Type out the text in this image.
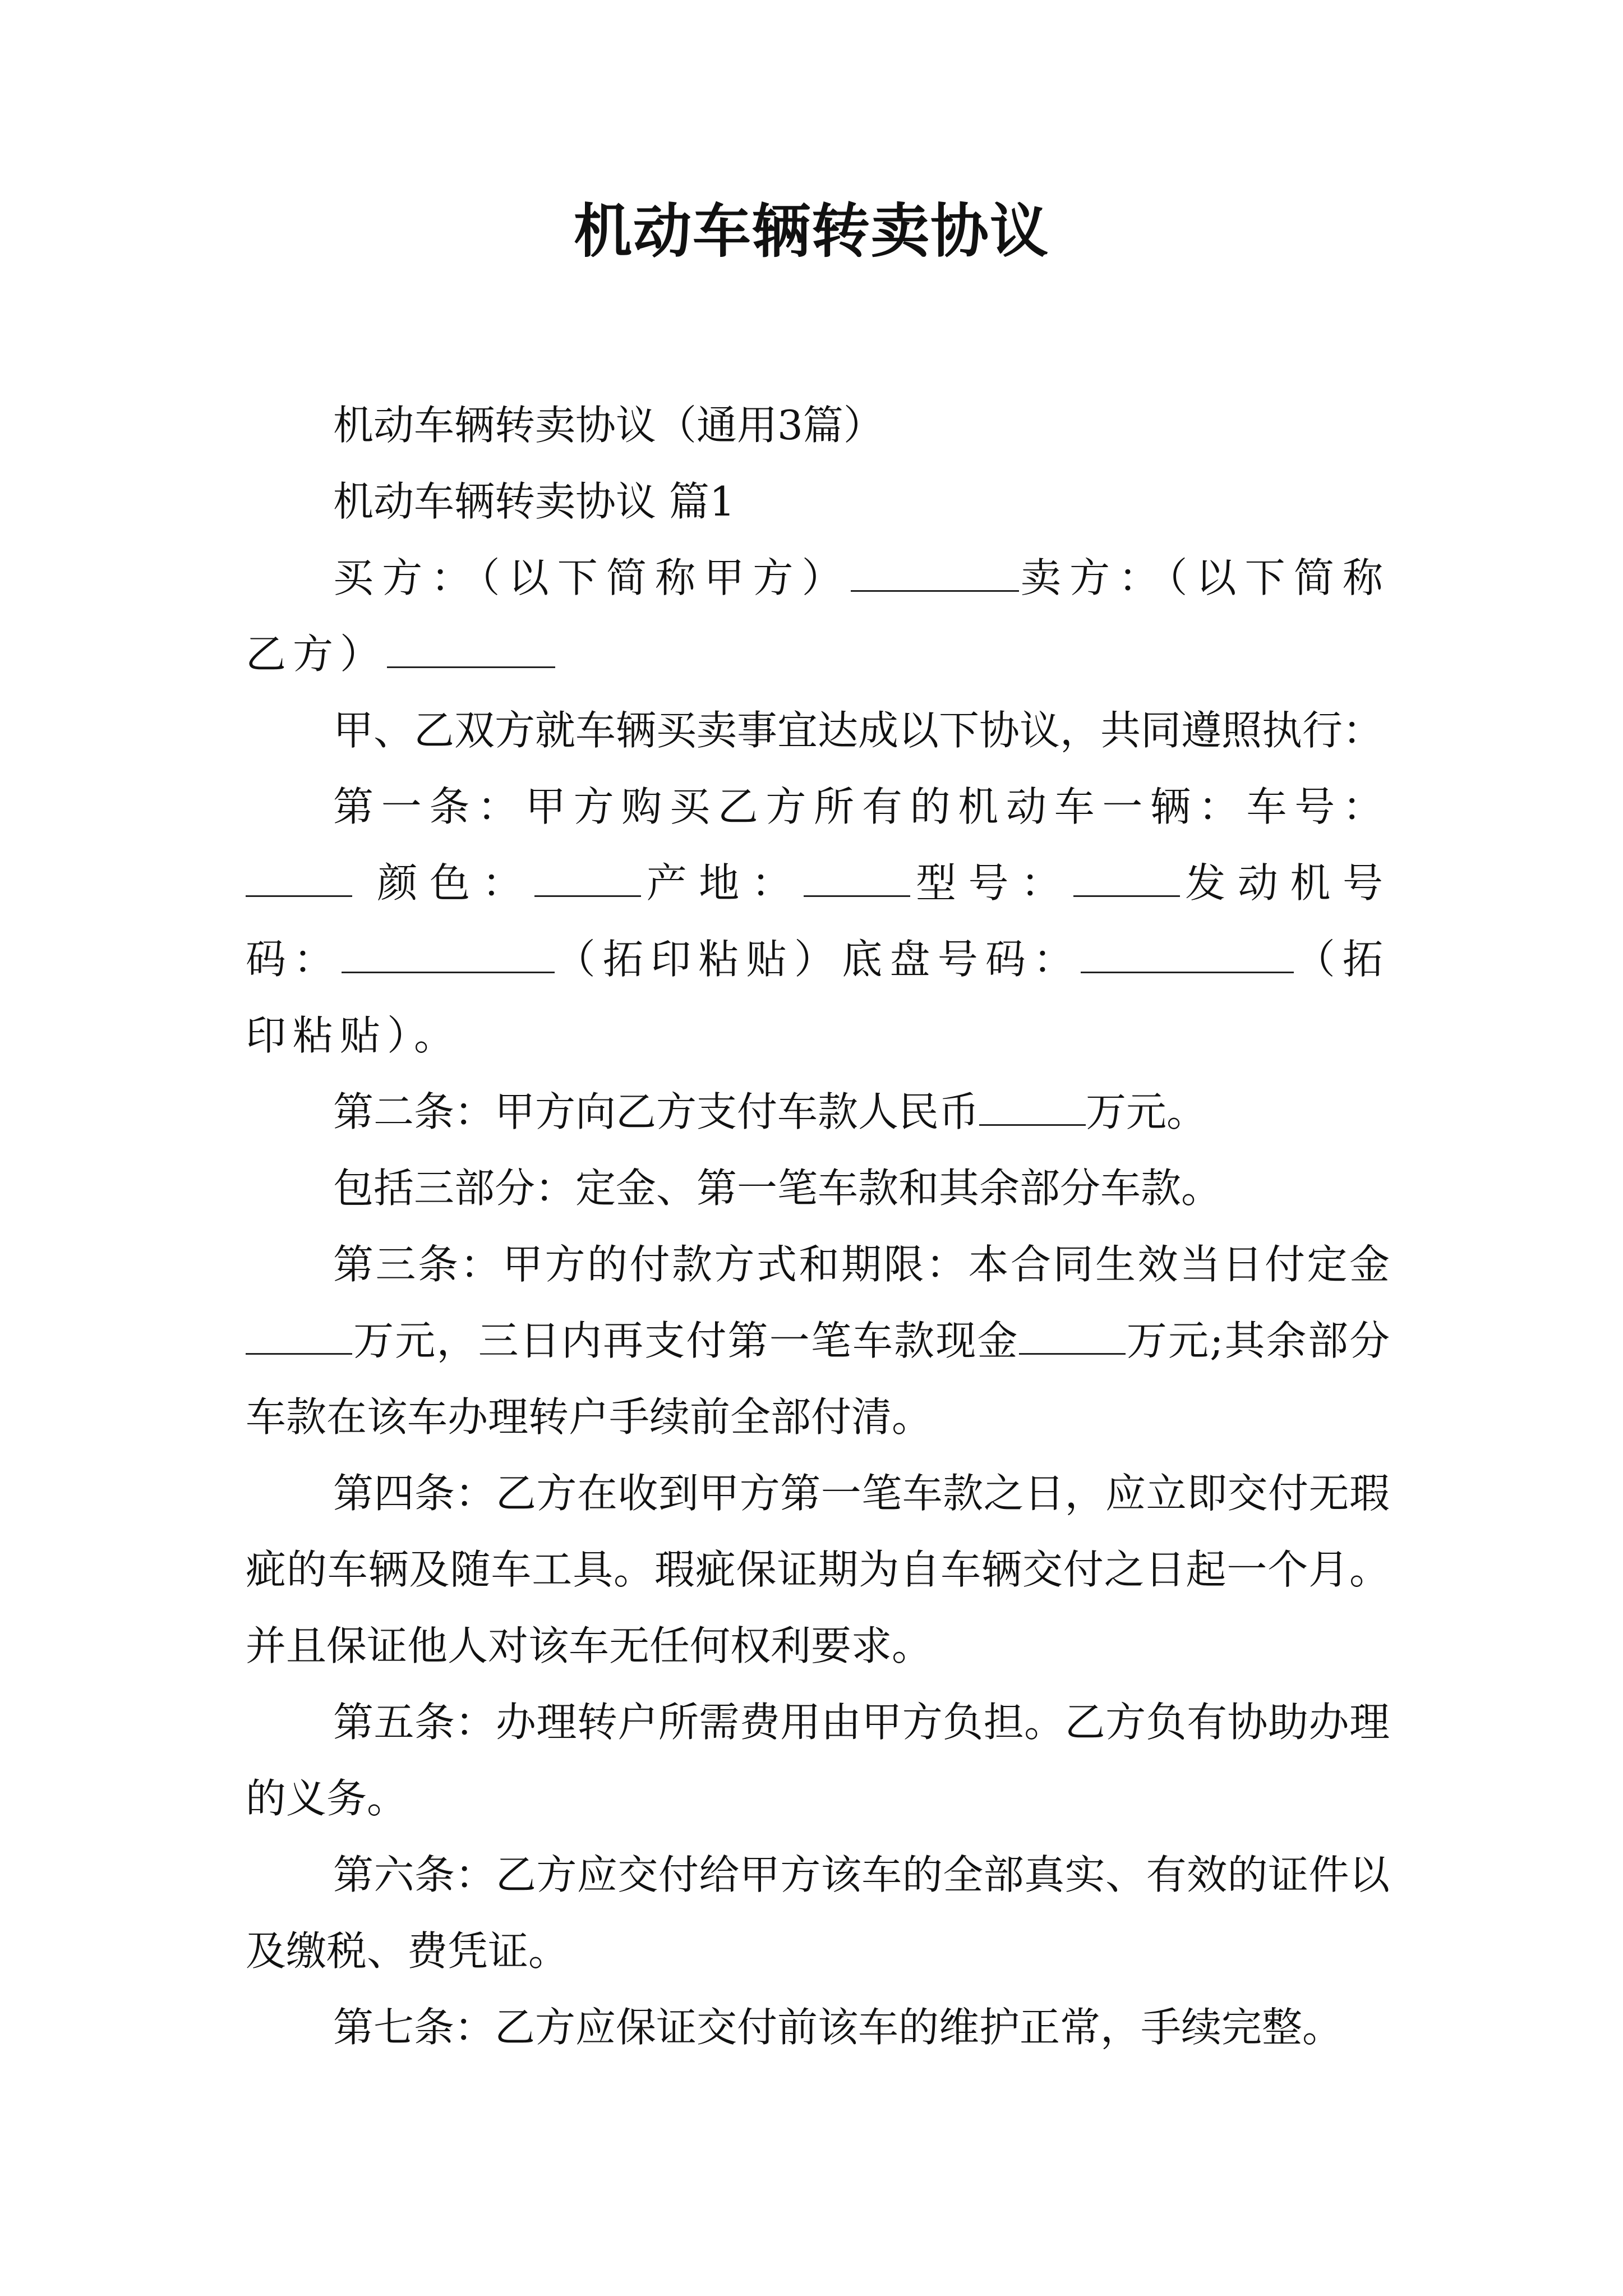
机动车辆转卖协议

机动车辆转卖协议（通用3篇）

机动车辆转卖协议 篇1

买方：（以下简称甲方）	卖方：（以下简称乙方）

甲、乙双方就车辆买卖事宜达成以下协议，共同遵照执行：

第一条：甲方购买乙方所有的机动车一辆：车号： 颜色：	产地：	型号：	发动机号码：	（拓印粘贴）底盘号码：	（拓印粘贴）。

第二条：甲方向乙方支付车款人民币	万元。

包括三部分：定金、第一笔车款和其余部分车款。

第三条：甲方的付款方式和期限：本合同生效当日付定金万元，三日内再支付第一笔车款现金	万元;其余部分车款在该车办理转户手续前全部付清。

第四条：乙方在收到甲方第一笔车款之日，应立即交付无瑕疵的车辆及随车工具。瑕疵保证期为自车辆交付之日起一个月。并且保证他人对该车无任何权利要求。

第五条：办理转户所需费用由甲方负担。乙方负有协助办理的义务。

第六条：乙方应交付给甲方该车的全部真实、有效的证件以及缴税、费凭证。

第七条：乙方应保证交付前该车的维护正常，手续完整。
